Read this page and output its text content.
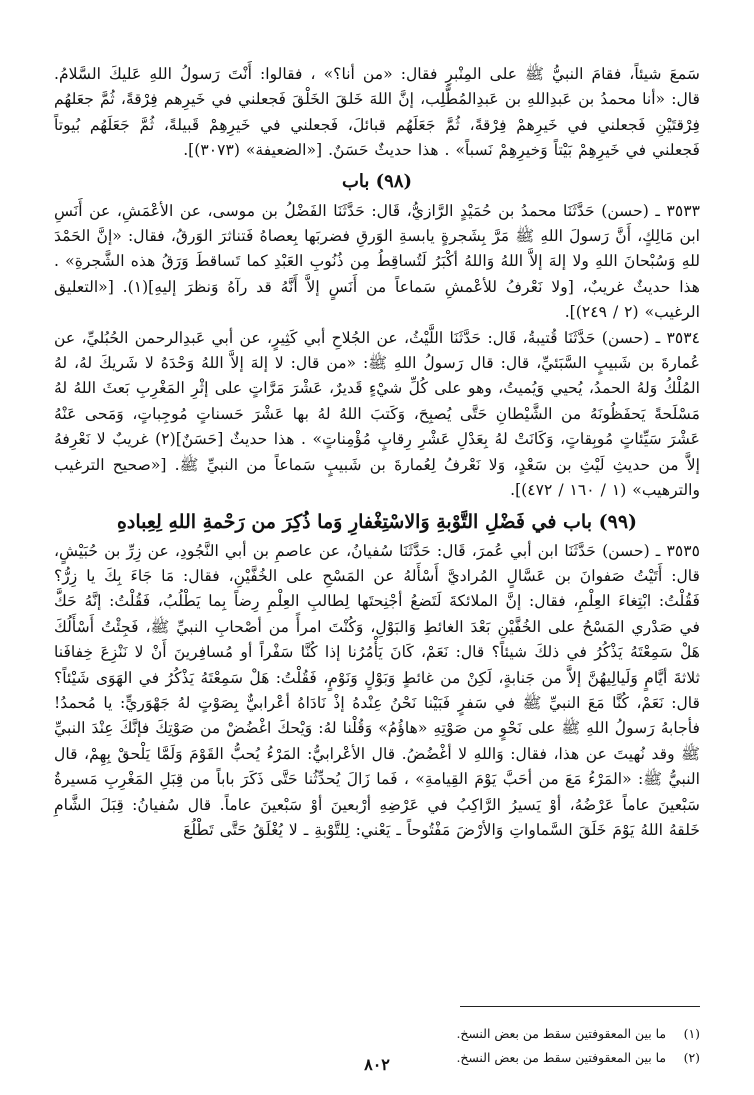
سَمعَ شيئاً، فقامَ النبيُّ ﷺ على المِنْبرِ فقال: «من أنا؟» ، فقالوا: أَنْتَ رَسولُ اللهِ عَليكَ السَّلامُ. قال: «أنا محمدُ بن عَبدِاللهِ بن عَبدِالمُطَّلِب، إنَّ اللهَ خَلقَ الخَلْقَ فَجعلني في خَيرِهم فِرْقةً، ثُمَّ جعَلهُم فِرْقتَيْنِ فَجعلني في خَيرِهمْ فِرْقةً، ثُمَّ جَعَلَهُم قبائلَ، فَجعلني في خَيرِهِمْ قَبيلةً، ثُمَّ جَعَلَهُم بُيوتاً فَجعلني في خَيرِهِمْ بَيْتاً وَخيرِهِمْ نَسباً» . هذا حديثٌ حَسَنٌ. [«الضعيفة» (٣٠٧٣)].

(٩٨) باب

٣٥٣٣ ـ (حسن) حَدَّثَنَا محمدُ بن حُمَيْدٍ الرَّازيُّ، قَال: حَدَّثَنَا الفَضْلُ بن موسى، عن الأعْمَشِ، عن أَنَسِ ابن مَالِكٍ، أَنَّ رَسولَ اللهِ ﷺ مَرَّ بِشَجرةٍ يابسةِ الوَرقِ فضربَها بِعصاهُ فَتناثرَ الوَرقُ، فقال: «إنَّ الحَمْدَ للهِ وَسُبْحانَ اللهِ ولا إلهَ إلاَّ اللهُ وَاللهُ أكْبَرُ لَتُساقِطُ مِن ذُنُوبِ العَبْدِ كما تَساقطَ وَرَقُ هذه الشَّجرةِ» . هذا حديثٌ غريبٌ، [ولا نَعْرفُ للأعْمشِ سَماعاً من أَنَسٍ إلاَّ أَنَّهُ قد رآهُ وَنظرَ إليهِ](١). [«التعليق الرغيب» (٢ / ٢٤٩)].

٣٥٣٤ ـ (حسن) حَدَّثَنَا قُتيبةُ، قَال: حَدَّثَنَا اللَّيْثُ، عن الجُلاحِ أبي كَثِيرٍ، عن أبي عَبدِالرحمن الحُبُليِّ، عن عُمارةَ بن شَبيبٍ السَّبَئيِّ، قال: قال رَسولُ اللهِ ﷺ: «من قال: لا إلهَ إلاَّ اللهُ وَحْدَهُ لا شَريكَ لهُ، لهُ المُلْكُ وَلهُ الحمدُ، يُحيي وَيُميتُ، وهو على كُلِّ شيْءٍ قَديرٌ، عَشْرَ مَرَّاتٍ على إثْرِ المَغْرِبِ بَعثَ اللهُ لهُ مَسْلَحةً يَحفَظُونَهُ من الشَّيْطانِ حَتَّى يُصبِحَ، وَكَتبَ اللهُ لهُ بها عَشْرَ حَسناتٍ مُوجِباتٍ، وَمَحى عَنْهُ عَشْرَ سَيِّئاتٍ مُوبِقاتٍ، وَكَانَتْ لهُ بِعَدْلِ عَشْرِ رِقابٍ مُؤْمِناتٍ» . هذا حديثٌ [حَسَنٌ](٢) غريبٌ لا نَعْرِفهُ إلاَّ من حديثِ لَيْثِ بن سَعْدٍ، وَلا نَعْرفُ لِعُمارةَ بن شَبيبٍ سَماعاً من النبيِّ ﷺ. [«صحيح الترغيب والترهيب» (١ / ١٦٠ / ٤٧٢)].

(٩٩) باب في فَضْلِ التَّوْبةِ وَالاسْتِغْفارِ وَما ذُكِرَ من رَحْمةِ اللهِ لِعِبادهِ

٣٥٣٥ ـ (حسن) حَدَّثَنَا ابن أبي عُمرَ، قَال: حَدَّثَنَا سُفيانُ، عن عاصمِ بن أبي النَّجُودِ، عن زِرِّ بن حُبَيْشٍ، قال: أَتَيْتُ صَفوانَ بن عَسَّالٍ المُراديَّ أَسْأَلهُ عن المَسْحِ على الخُفَّيْنِ، فقال: مَا جَاءَ بِكَ يا زِرُّ؟ فَقُلْتُ: ابْتِغاءَ العِلْمِ، فقال: إنَّ الملائكةَ لَتَضعُ أجْنِحتَها لِطالبِ العِلْمِ رِضاً بِما يَطْلُبُ، فَقُلْتُ: إنَّهُ حَكَّ في صَدْري المَسْحُ على الخُفَّيْنِ بَعْدَ الغائطِ وَالبَوْلِ، وَكُنْتَ امرأً من أصْحابِ النبيِّ ﷺ، فَجِئْتُ أَسْأَلُكَ هَلْ سَمِعْتَهُ يَذْكُرُ في ذلكَ شيئاً؟ قال: نَعَمْ، كَانَ يَأْمُرُنا إذا كُنَّا سَفْراً أو مُسافِرينَ أَنْ لا نَنْزِعَ خِفافَنا ثلاثةَ أيَّامٍ وَلَيالِيهُنَّ إلاَّ من جَنابةٍ، لَكِنْ من غائطٍ وَبَوْلٍ وَنَوْمٍ، فَقُلْتُ: هَلْ سَمِعْتَهُ يَذْكُرُ في الهَوَى شَيْئاً؟ قال: نَعَمْ، كُنَّا مَعَ النبيِّ ﷺ في سَفرٍ فَبَيْنا نَحْنُ عِنْدهُ إذْ نَادَاهُ أعْرابيٌّ بِصَوْتٍ لهُ جَهْوَريٍّ: يا مُحمدُ! فأجابهُ رَسولُ اللهِ ﷺ على نَحْوٍ من صَوْتِهِ «هاؤُمُ» وَقُلْنا لهُ: وَيْحكَ اغْضُضْ من صَوْتِكَ فإنَّكَ عِنْدَ النبيِّ ﷺ وقد نُهيتَ عن هذا، فقال: وَاللهِ لا أغْضُضُ. قال الأعْرابيُّ: المَرْءُ يُحبُّ القَوْمَ وَلَمَّا يَلْحقْ بِهِمْ، قال النبيُّ ﷺ: «المَرْءُ مَعَ من أحَبَّ يَوْمَ القِيامةِ» ، فَما زَالَ يُحدِّثُنا حَتَّى ذَكَرَ باباً من قِبَلِ المَغْرِبِ مَسيرةُ سَبْعينَ عاماً عَرْضُهُ، أوْ يَسيرُ الرَّاكِبُ في عَرْضِهِ أرْبعينَ أوْ سَبْعينَ عاماً. قال سُفيانُ: قِبَلَ الشَّامِ خَلقهُ اللهُ يَوْمَ خَلَقَ السَّماواتِ وَالأرْضَ مَفْتُوحاً ـ يَعْني: لِلتَّوْبةِ ـ لا يُغْلَقُ حَتَّى تَطْلُعَ

(١)
ما بين المعقوفتين سقط من بعض النسخ.
(٢)
ما بين المعقوفتين سقط من بعض النسخ.
٨٠٢
